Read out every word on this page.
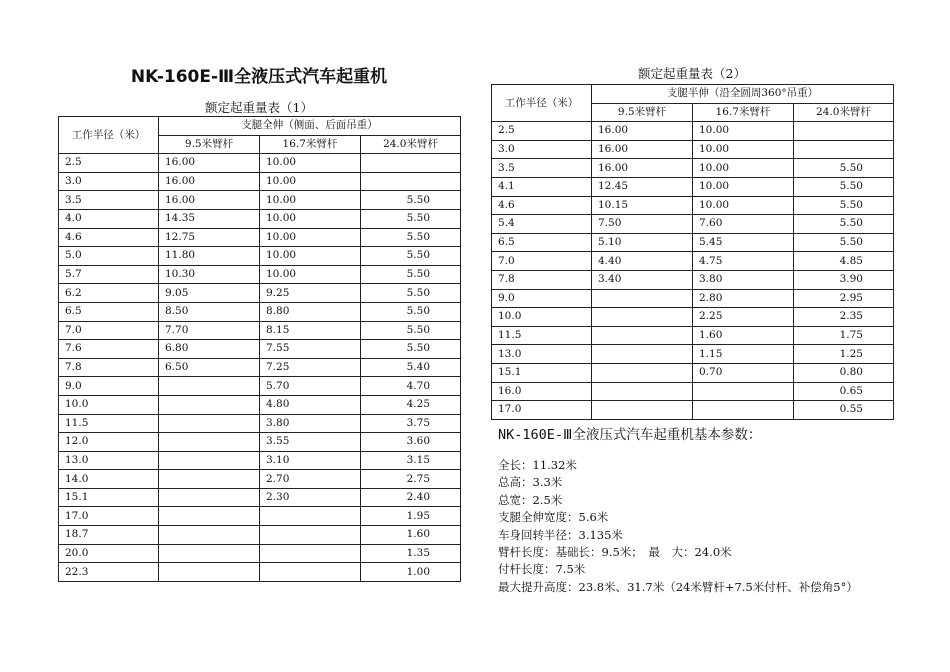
NK-160E-Ⅲ全液压式汽车起重机
额定起重量表（1）
工作半径（米）	支腿全伸（侧面、后面吊重）		
	9.5米臂杆	16.7米臂杆	24.0米臂杆
2.5	16.00	10.00	
3.0	16.00	10.00	
3.5	16.00	10.00	5.50
4.0	14.35	10.00	5.50
4.6	12.75	10.00	5.50
5.0	11.80	10.00	5.50
5.7	10.30	10.00	5.50
6.2	9.05	9.25	5.50
6.5	8.50	8.80	5.50
7.0	7.70	8.15	5.50
7.6	6.80	7.55	5.50
7.8	6.50	7.25	5.40
9.0		5.70	4.70
10.0		4.80	4.25
11.5		3.80	3.75
12.0		3.55	3.60
13.0		3.10	3.15
14.0		2.70	2.75
15.1		2.30	2.40
17.0			1.95
18.7			1.60
20.0			1.35
22.3			1.00
额定起重量表（2）
工作半径（米）	支腿半伸（沿全圆周360°吊重）		
	9.5米臂杆	16.7米臂杆	24.0米臂杆
2.5	16.00	10.00	
3.0	16.00	10.00	
3.5	16.00	10.00	5.50
4.1	12.45	10.00	5.50
4.6	10.15	10.00	5.50
5.4	7.50	7.60	5.50
6.5	5.10	5.45	5.50
7.0	4.40	4.75	4.85
7.8	3.40	3.80	3.90
9.0		2.80	2.95
10.0		2.25	2.35
11.5		1.60	1.75
13.0		1.15	1.25
15.1		0.70	0.80
16.0			0.65
17.0			0.55
NK-160E-Ⅲ全液压式汽车起重机基本参数：
全长：11.32米
总高：3.3米
总宽：2.5米
支腿全伸宽度：5.6米
车身回转半径：3.135米
臂杆长度：基础长：9.5米；　最　大：24.0米
付杆长度：7.5米
最大提升高度：23.8米、31.7米（24米臂杆+7.5米付杆、补偿角5°）
